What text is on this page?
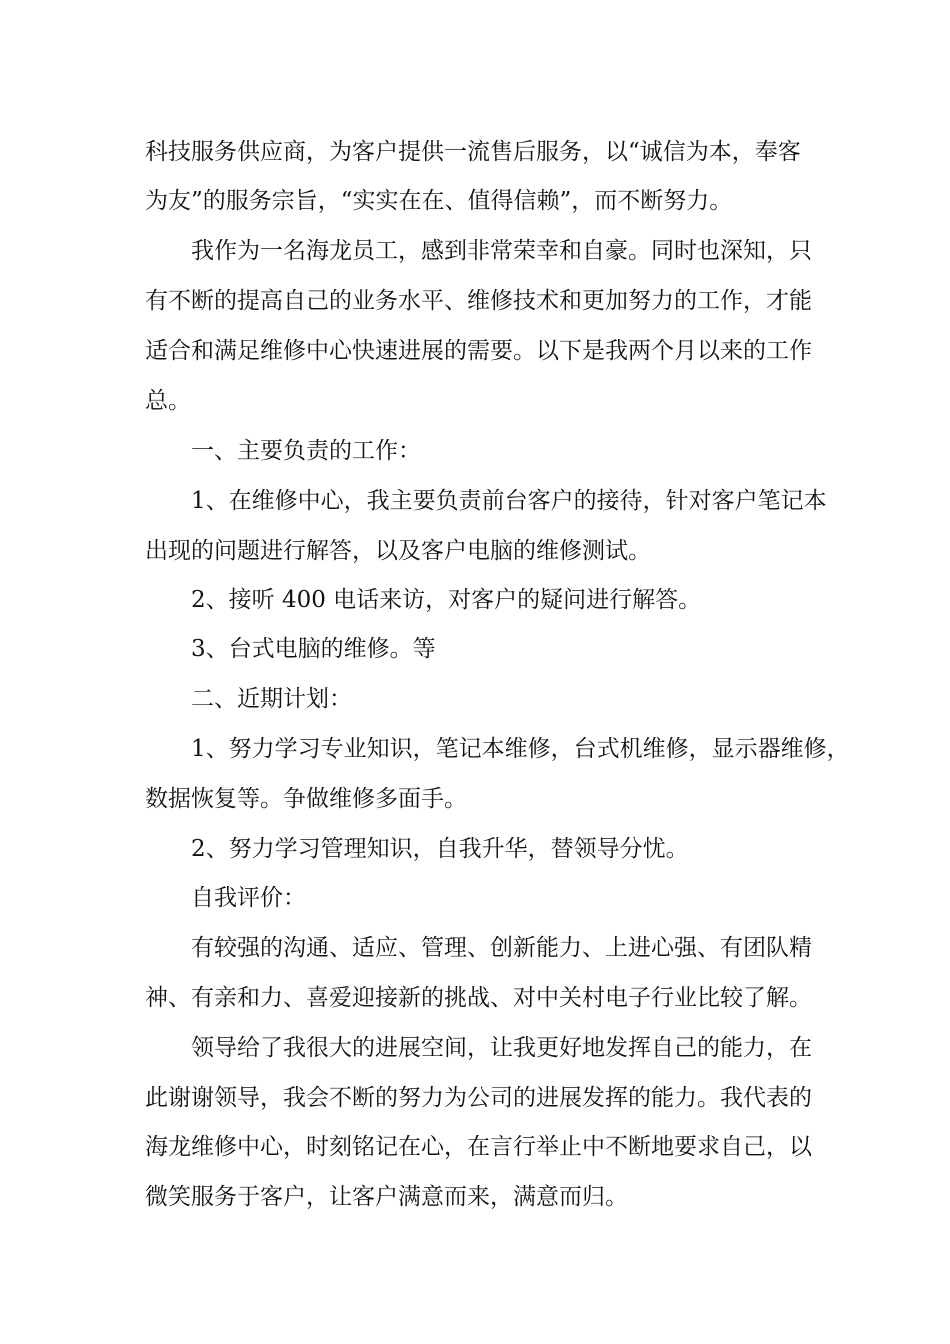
科技服务供应商，为客户提供一流售后服务，以“诚信为本，奉客
为友”的服务宗旨，“实实在在、值得信赖”，而不断努力。
我作为一名海龙员工，感到非常荣幸和自豪。同时也深知，只
有不断的提高自己的业务水平、维修技术和更加努力的工作，才能
适合和满足维修中心快速进展的需要。以下是我两个月以来的工作
总。
一、主要负责的工作：
1、在维修中心，我主要负责前台客户的接待，针对客户笔记本
出现的问题进行解答，以及客户电脑的维修测试。
2、接听 400 电话来访，对客户的疑问进行解答。
3、台式电脑的维修。等
二、近期计划：
1、努力学习专业知识，笔记本维修，台式机维修，显示器维修，
数据恢复等。争做维修多面手。
2、努力学习管理知识，自我升华，替领导分忧。
自我评价：
有较强的沟通、适应、管理、创新能力、上进心强、有团队精
神、有亲和力、喜爱迎接新的挑战、对中关村电子行业比较了解。
领导给了我很大的进展空间，让我更好地发挥自己的能力，在
此谢谢领导，我会不断的努力为公司的进展发挥的能力。我代表的
海龙维修中心，时刻铭记在心，在言行举止中不断地要求自己，以
微笑服务于客户，让客户满意而来，满意而归。
